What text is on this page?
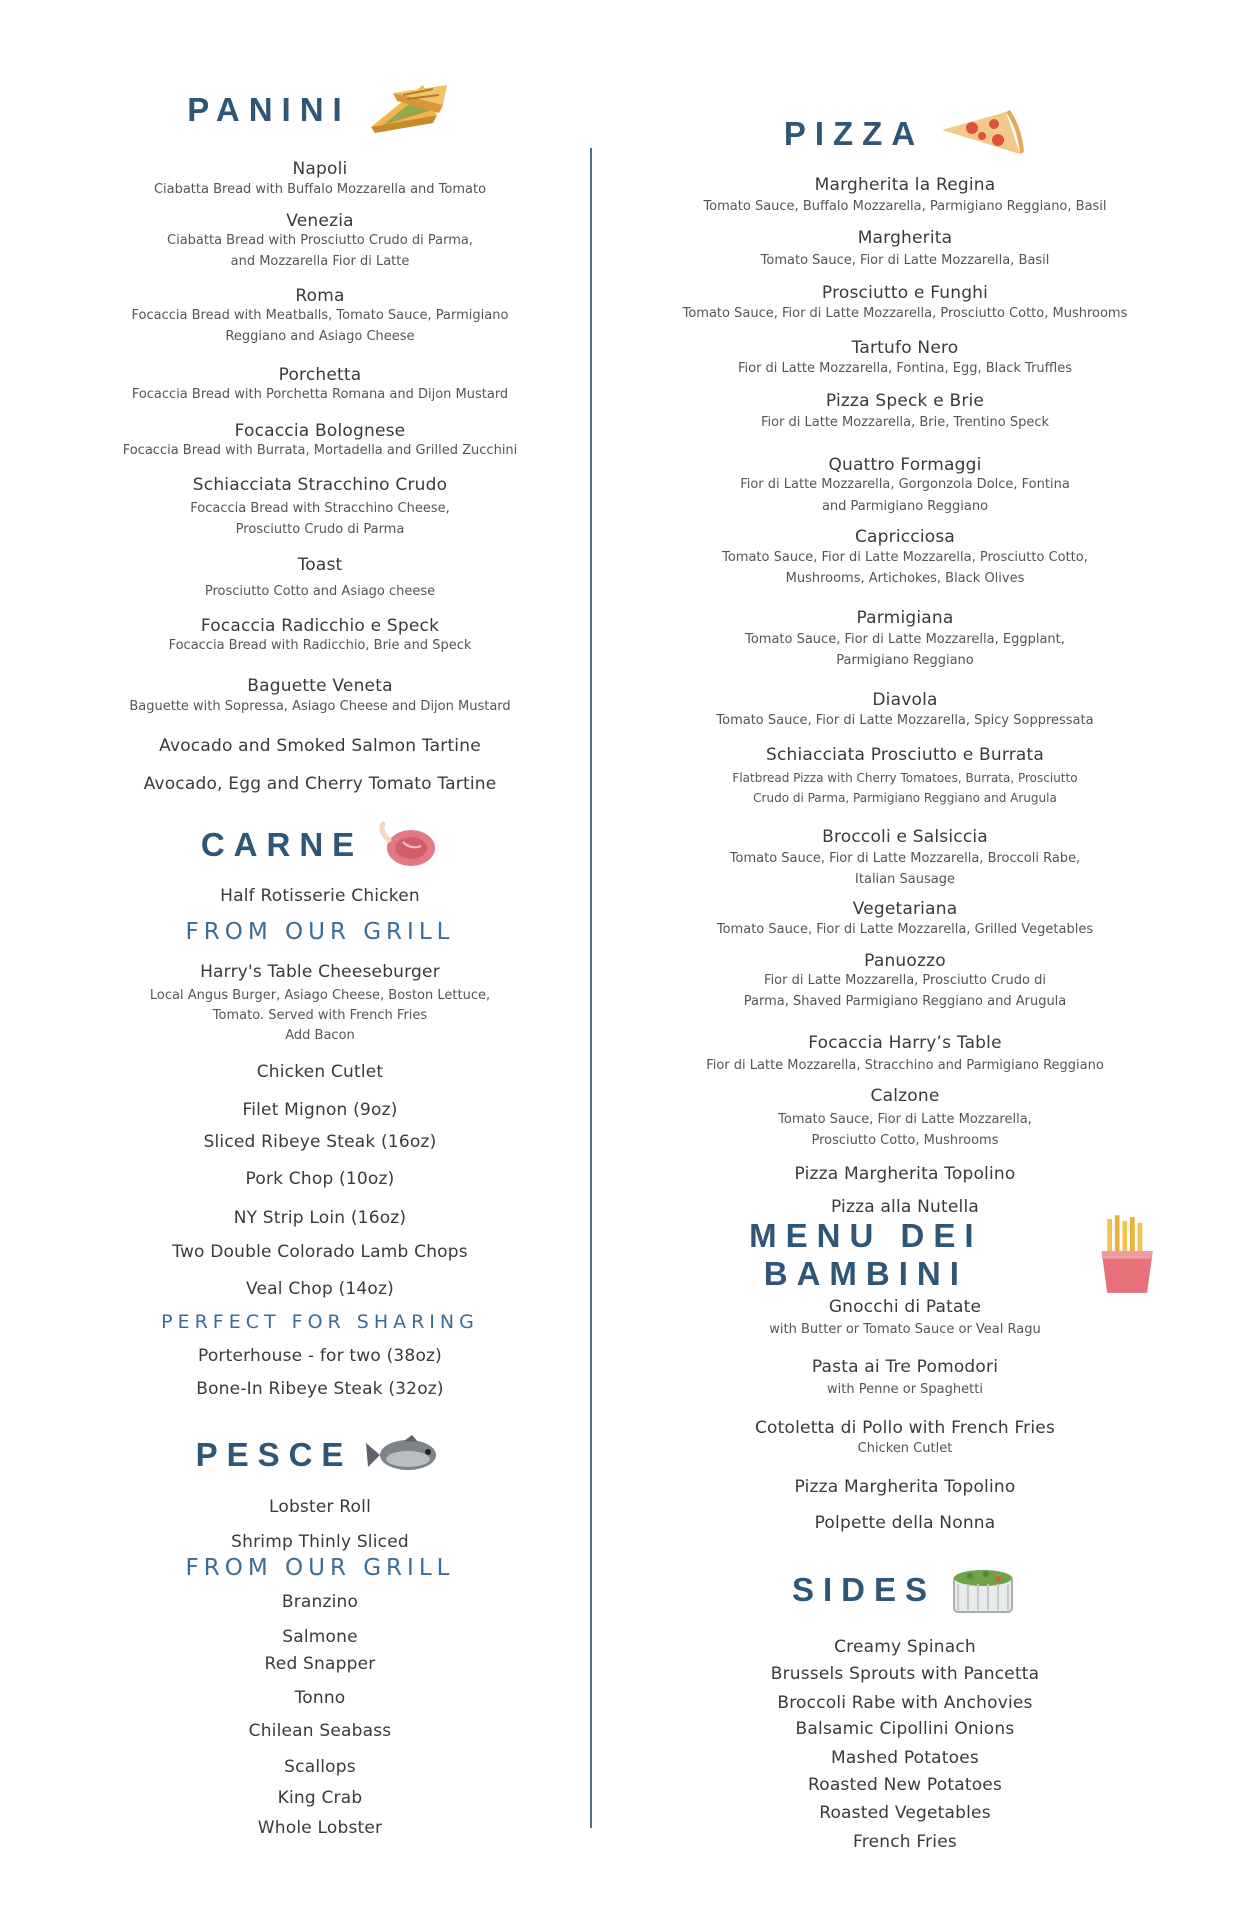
PANINI
Napoli
Ciabatta Bread with Buffalo Mozzarella and Tomato
Venezia
Ciabatta Bread with Prosciutto Crudo di Parma,
and Mozzarella Fior di Latte
Roma
Focaccia Bread with Meatballs, Tomato Sauce, Parmigiano
Reggiano and Asiago Cheese
Porchetta
Focaccia Bread with Porchetta Romana and Dijon Mustard
Focaccia Bolognese
Focaccia Bread with Burrata, Mortadella and Grilled Zucchini
Schiacciata Stracchino Crudo
Focaccia Bread with Stracchino Cheese,
Prosciutto Crudo di Parma
Toast
Prosciutto Cotto and Asiago cheese
Focaccia Radicchio e Speck
Focaccia Bread with Radicchio, Brie and Speck
Baguette Veneta
Baguette with Sopressa, Asiago Cheese and Dijon Mustard
Avocado and Smoked Salmon Tartine
Avocado, Egg and Cherry Tomato Tartine
CARNE
Half Rotisserie Chicken
FROM OUR GRILL
Harry's Table Cheeseburger
Local Angus Burger, Asiago Cheese, Boston Lettuce,
Tomato. Served with French Fries
Add Bacon
Chicken Cutlet
Filet Mignon (9oz)
Sliced Ribeye Steak (16oz)
Pork Chop (10oz)
NY Strip Loin (16oz)
Two Double Colorado Lamb Chops
Veal Chop (14oz)
PERFECT FOR SHARING
Porterhouse - for two (38oz)
Bone-In Ribeye Steak (32oz)
PESCE
Lobster Roll
Shrimp Thinly Sliced
FROM OUR GRILL
Branzino
Salmone
Red Snapper
Tonno
Chilean Seabass
Scallops
King Crab
Whole Lobster
PIZZA
Margherita la Regina
Tomato Sauce, Buffalo Mozzarella, Parmigiano Reggiano, Basil
Margherita
Tomato Sauce, Fior di Latte Mozzarella, Basil
Prosciutto e Funghi
Tomato Sauce, Fior di Latte Mozzarella, Prosciutto Cotto, Mushrooms
Tartufo Nero
Fior di Latte Mozzarella, Fontina, Egg, Black Truffles
Pizza Speck e Brie
Fior di Latte Mozzarella, Brie, Trentino Speck
Quattro Formaggi
Fior di Latte Mozzarella, Gorgonzola Dolce, Fontina
and Parmigiano Reggiano
Capricciosa
Tomato Sauce, Fior di Latte Mozzarella, Prosciutto Cotto,
Mushrooms, Artichokes, Black Olives
Parmigiana
Tomato Sauce, Fior di Latte Mozzarella, Eggplant,
Parmigiano Reggiano
Diavola
Tomato Sauce, Fior di Latte Mozzarella, Spicy Soppressata
Schiacciata Prosciutto e Burrata
Flatbread Pizza with Cherry Tomatoes, Burrata, Prosciutto
Crudo di Parma, Parmigiano Reggiano and Arugula
Broccoli e Salsiccia
Tomato Sauce, Fior di Latte Mozzarella, Broccoli Rabe,
Italian Sausage
Vegetariana
Tomato Sauce, Fior di Latte Mozzarella, Grilled Vegetables
Panuozzo
Fior di Latte Mozzarella, Prosciutto Crudo di
Parma, Shaved Parmigiano Reggiano and Arugula
Focaccia Harry’s Table
Fior di Latte Mozzarella, Stracchino and Parmigiano Reggiano
Calzone
Tomato Sauce, Fior di Latte Mozzarella,
Prosciutto Cotto, Mushrooms
Pizza Margherita Topolino
Pizza alla Nutella
MENU DEI BAMBINI
Gnocchi di Patate
with Butter or Tomato Sauce or Veal Ragu
Pasta ai Tre Pomodori
with Penne or Spaghetti
Cotoletta di Pollo with French Fries
Chicken Cutlet
Pizza Margherita Topolino
Polpette della Nonna
SIDES
Creamy Spinach
Brussels Sprouts with Pancetta
Broccoli Rabe with Anchovies
Balsamic Cipollini Onions
Mashed Potatoes
Roasted New Potatoes
Roasted Vegetables
French Fries
